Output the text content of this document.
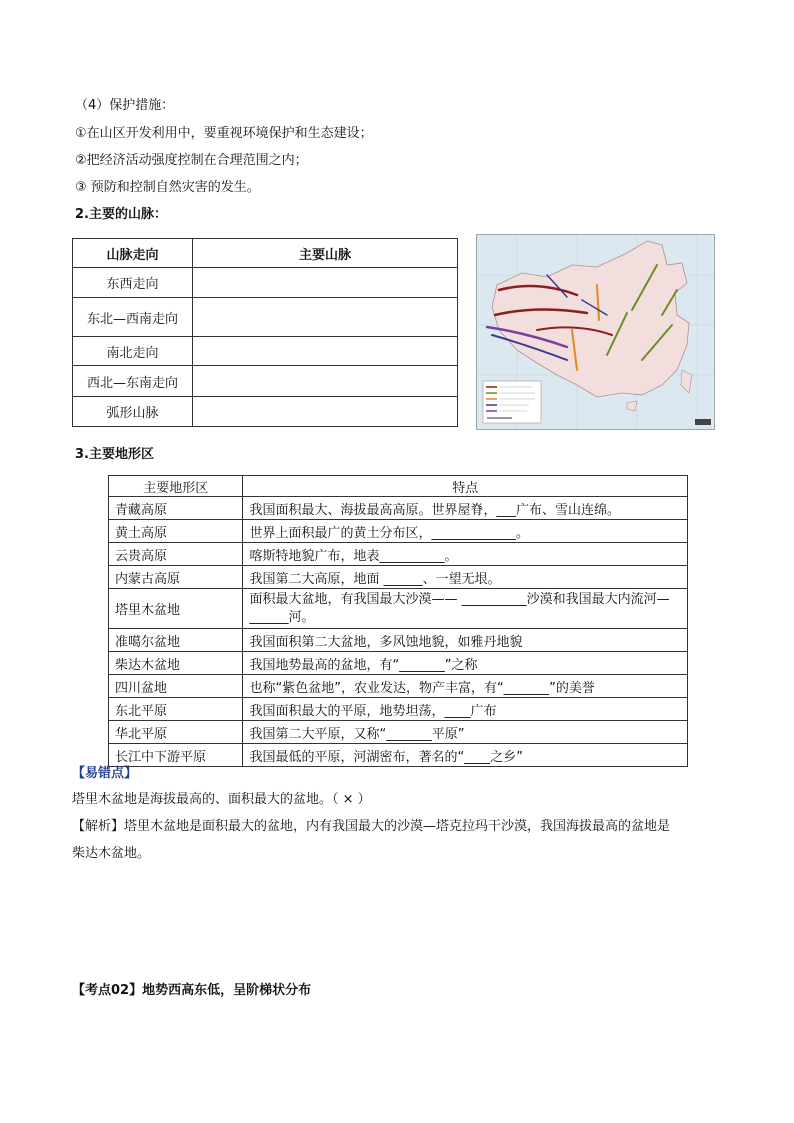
（4）保护措施：
①在山区开发利用中，要重视环境保护和生态建设；
②把经济活动强度控制在合理范围之内；
③ 预防和控制自然灾害的发生。
2.主要的山脉：
山脉走向	主要山脉
东西走向	
东北—西南走向	
南北走向	
西北—东南走向	
弧形山脉	
3.主要地形区
主要地形区	特点
青藏高原	我国面积最大、海拔最高高原。世界屋脊，___广布、雪山连绵。
黄土高原	世界上面积最广的黄土分布区，_____________。
云贵高原	喀斯特地貌广布，地表__________。
内蒙古高原	我国第二大高原，地面 ______、一望无垠。
塔里木盆地	面积最大盆地，有我国最大沙漠—— __________沙漠和我国最大内流河—______河。
准噶尔盆地	我国面积第二大盆地，多风蚀地貌，如雅丹地貌
柴达木盆地	我国地势最高的盆地，有“_______”之称
四川盆地	也称“紫色盆地”，农业发达，物产丰富，有“_______”的美誉
东北平原	我国面积最大的平原，地势坦荡，____广布
华北平原	我国第二大平原，又称“_______平原”
长江中下游平原	我国最低的平原，河湖密布，著名的“____之乡”
【易错点】
塔里木盆地是海拔最高的、面积最大的盆地。（ × ）
【解析】塔里木盆地是面积最大的盆地，内有我国最大的沙漠—塔克拉玛干沙漠，我国海拔最高的盆地是
柴达木盆地。
【考点02】地势西高东低，呈阶梯状分布
